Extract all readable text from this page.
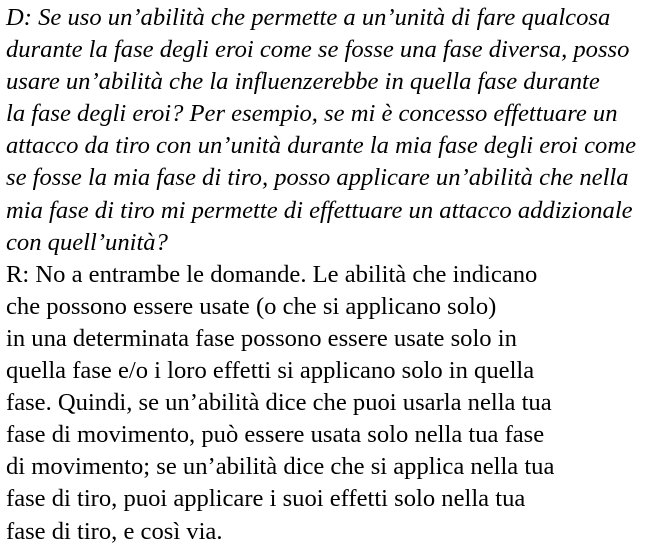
D: Se uso un’abilità che permette a un’unità di fare qualcosa
durante la fase degli eroi come se fosse una fase diversa, posso
usare un’abilità che la influenzerebbe in quella fase durante
la fase degli eroi? Per esempio, se mi è concesso effettuare un
attacco da tiro con un’unità durante la mia fase degli eroi come
se fosse la mia fase di tiro, posso applicare un’abilità che nella
mia fase di tiro mi permette di effettuare un attacco addizionale
con quell’unità?
R: No a entrambe le domande. Le abilità che indicano
che possono essere usate (o che si applicano solo)
in una determinata fase possono essere usate solo in
quella fase e/o i loro effetti si applicano solo in quella
fase. Quindi, se un’abilità dice che puoi usarla nella tua
fase di movimento, può essere usata solo nella tua fase
di movimento; se un’abilità dice che si applica nella tua
fase di tiro, puoi applicare i suoi effetti solo nella tua
fase di tiro, e così via.
